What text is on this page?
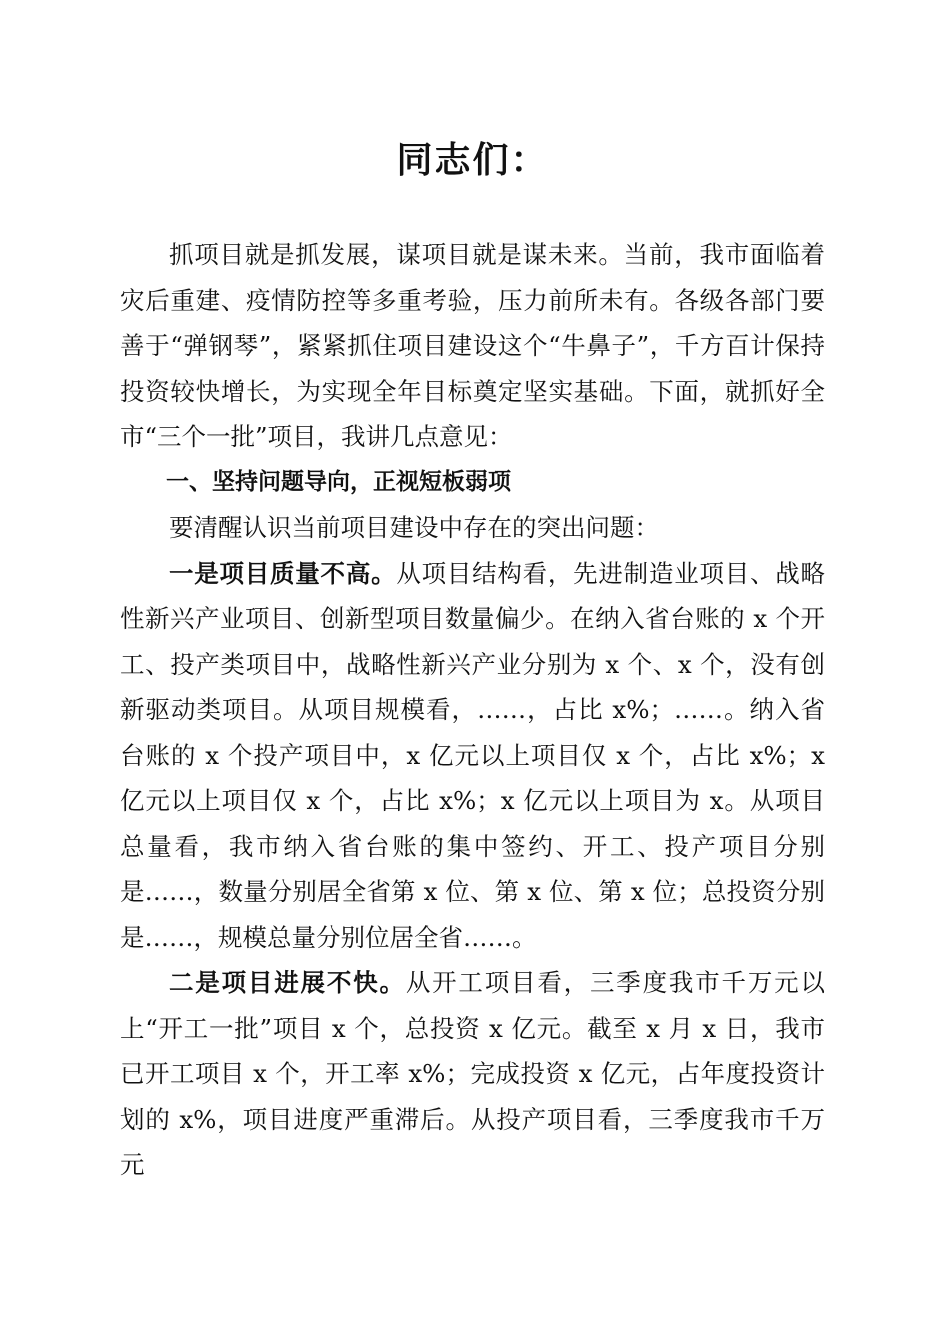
同志们：

抓项目就是抓发展，谋项目就是谋未来。当前，我市面临着灾后重建、疫情防控等多重考验，压力前所未有。各级各部门要善于“弹钢琴”，紧紧抓住项目建设这个“牛鼻子”，千方百计保持投资较快增长，为实现全年目标奠定坚实基础。下面，就抓好全市“三个一批”项目，我讲几点意见：

一、坚持问题导向，正视短板弱项

要清醒认识当前项目建设中存在的突出问题：

一是项目质量不高。从项目结构看，先进制造业项目、战略性新兴产业项目、创新型项目数量偏少。在纳入省台账的 x 个开工、投产类项目中，战略性新兴产业分别为 x 个、x 个，没有创新驱动类项目。从项目规模看，……，占比 x%；……。纳入省台账的 x 个投产项目中，x 亿元以上项目仅 x 个，占比 x%；x 亿元以上项目仅 x 个，占比 x%；x 亿元以上项目为 x。从项目总量看，我市纳入省台账的集中签约、开工、投产项目分别是……，数量分别居全省第 x 位、第 x 位、第 x 位；总投资分别是……，规模总量分别位居全省……。

二是项目进展不快。从开工项目看，三季度我市千万元以上“开工一批”项目 x 个，总投资 x 亿元。截至 x 月 x 日，我市已开工项目 x 个，开工率 x%；完成投资 x 亿元，占年度投资计划的 x%，项目进度严重滞后。从投产项目看，三季度我市千万元
